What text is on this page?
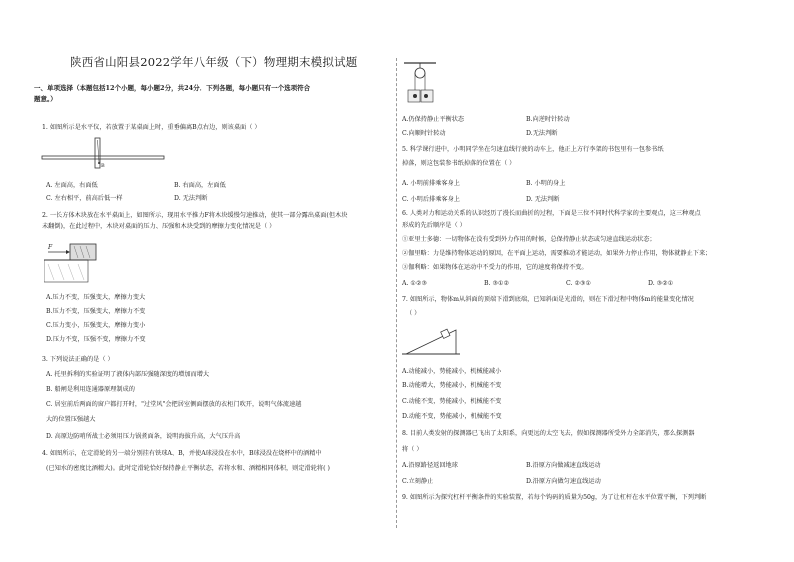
陕西省山阳县2022学年八年级（下）物理期末模拟试题
一、单项选择（本题包括12个小题，每小题2分，共24分．下列各题，每小题只有一个选项符合
题意。）
1. 如图所示是水平仪，若放置于某桌面上时，重垂偏离B点右边，则该桌面（ ）
B
A. 左面高，右面低	B. 右面高，左面低
C. 左右相平，前高后低一样	D. 无法判断
2. 一长方体木块放在水平桌面上，如图所示，现用水平推力F将木块缓慢匀速推动，使其一部分露出桌面(但木块
未翻倒)，在此过程中，木块对桌面的压力、压强和木块受到的摩擦力变化情况是（ ）
F
A.压力不变，压强变大，摩擦力变大
B.压力不变，压强变大，摩擦力不变
C.压力变小，压强变大，摩擦力变小
D.压力不变，压强不变，摩擦力不变
3. 下列说法正确的是（ ）
A. 托里拆利的实验证明了液体内部压强随深度的增加而增大
B. 船闸是利用连通器原理制成的
C. 居室前后两面的窗户都打开时，"过堂风"会把居室侧面摆放的衣柜门吹开，说明气体流速越
大的位置压强越大
D. 高原边防哨所战士必须用压力锅煮面条，说明海拔升高，大气压升高
4. 如图所示，在定滑轮的另一端分别挂有铁球A、B，并使A球浸没在水中，B球浸没在烧杯中的酒精中
(已知水的密度比酒精大)。此时定滑轮恰好保持静止平衡状态，若将水和、酒精相同体积，则定滑轮将( )
A.仍保持静止平衡状态	B.向逆时针转动
C.向顺时针转动	D.无法判断
5. 科学课行进中，小明同学坐在匀速直线行驶的动车上，他正上方行李架的书包里有一包参书纸
掉落，则这包装参书纸掉落的位置在（ ）
A. 小明前排乘客身上	B. 小明的身上
C. 小明后排乘客身上	D. 无法判断
6. 人类对力和运动关系的认识经历了漫长而曲折的过程，下面是三位不同时代科学家的主要观点，这三种观点
形成的先后顺序是（ ）
①亚里士多德：一切物体在没有受到外力作用的时候，总保持静止状态或匀速直线运动状态；
②伽里略：力是维持物体运动的原因，在平面上运动，需要推动才能运动，如果外力停止作用，物体就静止下来；
③伽利略：如果物体在运动中不受力的作用，它的速度将保持不变。
A. ①②③	B. ③①②	C. ②③①	D. ③②①
7. 如图所示，物体m从斜面的顶端下滑到底端，已知斜面是光滑的，则在下滑过程中物体m的能量变化情况
（ ）
A.动能减小，势能减小，机械能减小
B.动能增大，势能减小，机械能不变
C.动能不变，势能减小，机械能不变
D.动能不变，势能减小，机械能不变
8. 目前人类发射的探测器已飞出了太阳系，向更远的太空飞去，假如探测器所受外力全部消失，那么探测器
将（ ）
A.沿原路径返回地球	B.沿原方向做减速直线运动
C.立刻静止	D.沿原方向做匀速直线运动
9. 如图所示为探究杠杆平衡条件的实验装置，若每个钩码的质量为50g，为了让杠杆在水平位置平衡，下列判断
